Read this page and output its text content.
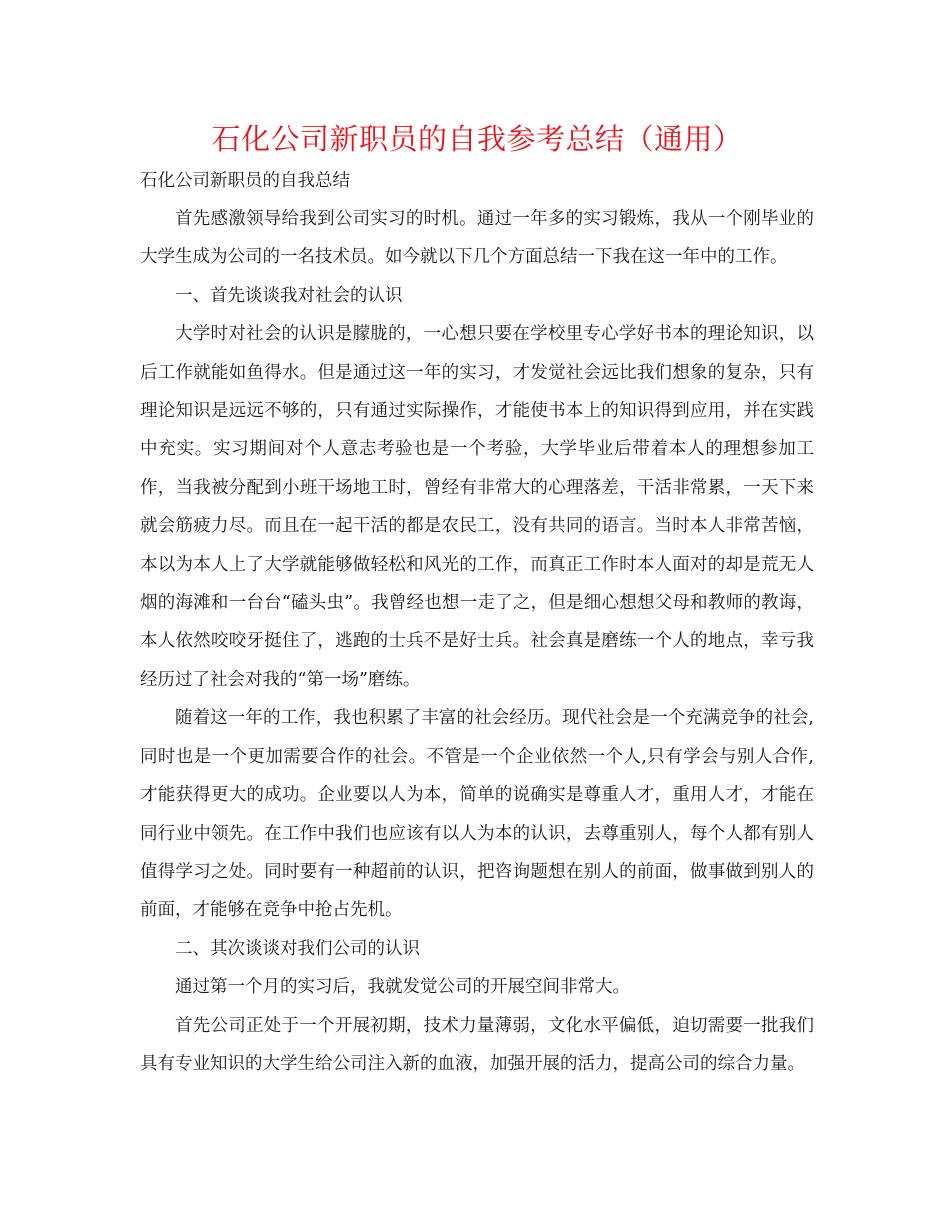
石化公司新职员的自我参考总结（通用）

石化公司新职员的自我总结

首先感激领导给我到公司实习的时机。通过一年多的实习锻炼，我从一个刚毕业的大学生成为公司的一名技术员。如今就以下几个方面总结一下我在这一年中的工作。

一、首先谈谈我对社会的认识

大学时对社会的认识是朦胧的，一心想只要在学校里专心学好书本的理论知识，以后工作就能如鱼得水。但是通过这一年的实习，才发觉社会远比我们想象的复杂，只有理论知识是远远不够的，只有通过实际操作，才能使书本上的知识得到应用，并在实践中充实。实习期间对个人意志考验也是一个考验，大学毕业后带着本人的理想参加工作，当我被分配到小班干场地工时，曾经有非常大的心理落差，干活非常累，一天下来就会筋疲力尽。而且在一起干活的都是农民工，没有共同的语言。当时本人非常苦恼，本以为本人上了大学就能够做轻松和风光的工作，而真正工作时本人面对的却是荒无人烟的海滩和一台台“磕头虫”。我曾经也想一走了之，但是细心想想父母和教师的教诲，本人依然咬咬牙挺住了，逃跑的士兵不是好士兵。社会真是磨练一个人的地点，幸亏我经历过了社会对我的“第一场”磨练。

随着这一年的工作，我也积累了丰富的社会经历。现代社会是一个充满竞争的社会,同时也是一个更加需要合作的社会。不管是一个企业依然一个人,只有学会与别人合作,才能获得更大的成功。企业要以人为本，简单的说确实是尊重人才，重用人才，才能在同行业中领先。在工作中我们也应该有以人为本的认识，去尊重别人，每个人都有别人值得学习之处。同时要有一种超前的认识，把咨询题想在别人的前面，做事做到别人的前面，才能够在竞争中抢占先机。

二、其次谈谈对我们公司的认识

通过第一个月的实习后，我就发觉公司的开展空间非常大。

首先公司正处于一个开展初期，技术力量薄弱，文化水平偏低，迫切需要一批我们具有专业知识的大学生给公司注入新的血液，加强开展的活力，提高公司的综合力量。
